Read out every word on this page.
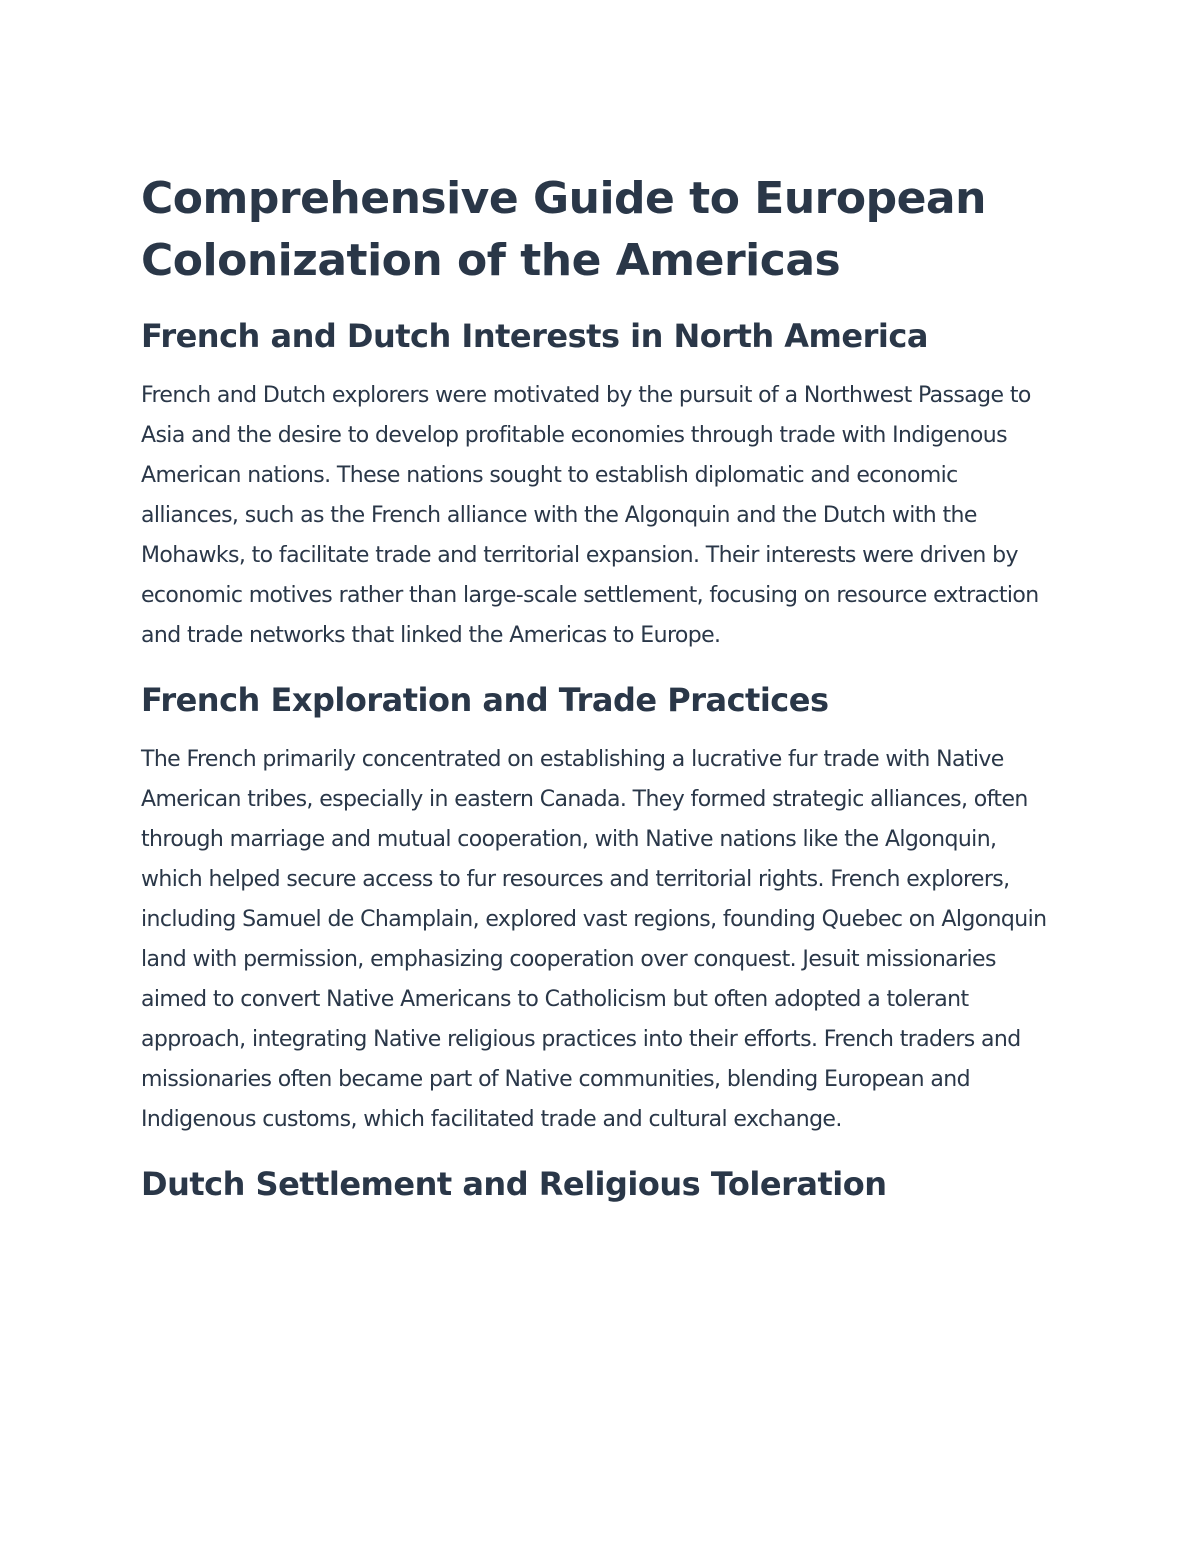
Comprehensive Guide to European Colonization of the Americas
French and Dutch Interests in North America

French and Dutch explorers were motivated by the pursuit of a Northwest Passage to Asia and the desire to develop profitable economies through trade with Indigenous American nations. These nations sought to establish diplomatic and economic alliances, such as the French alliance with the Algonquin and the Dutch with the Mohawks, to facilitate trade and territorial expansion. Their interests were driven by economic motives rather than large-scale settlement, focusing on resource extraction and trade networks that linked the Americas to Europe.

French Exploration and Trade Practices

The French primarily concentrated on establishing a lucrative fur trade with Native American tribes, especially in eastern Canada. They formed strategic alliances, often through marriage and mutual cooperation, with Native nations like the Algonquin, which helped secure access to fur resources and territorial rights. French explorers, including Samuel de Champlain, explored vast regions, founding Quebec on Algonquin land with permission, emphasizing cooperation over conquest. Jesuit missionaries aimed to convert Native Americans to Catholicism but often adopted a tolerant approach, integrating Native religious practices into their efforts. French traders and missionaries often became part of Native communities, blending European and Indigenous customs, which facilitated trade and cultural exchange.

Dutch Settlement and Religious Toleration
